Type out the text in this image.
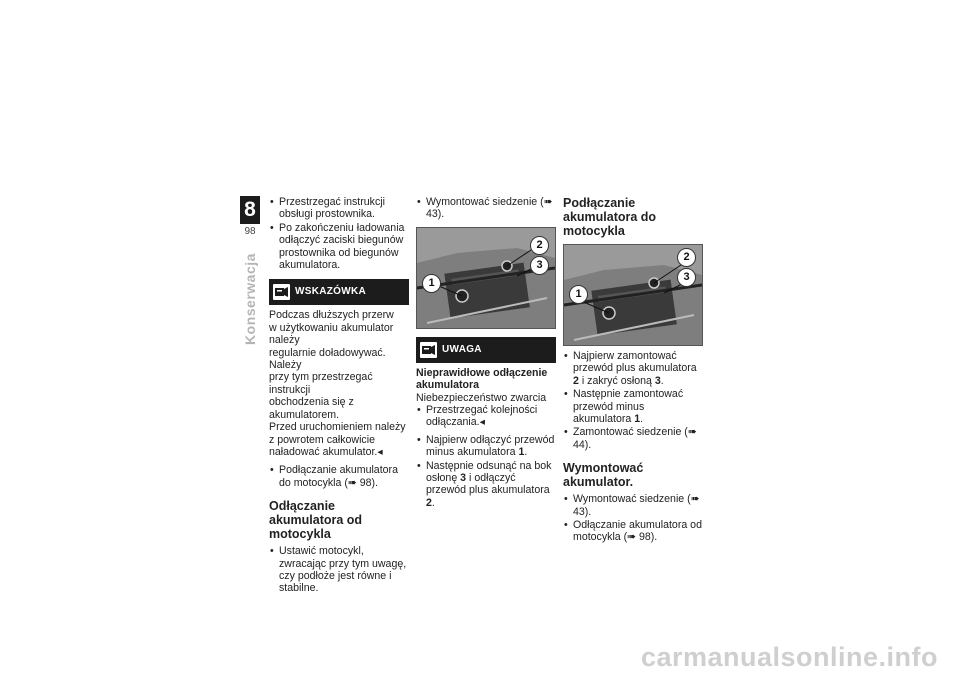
8
98
Konserwacja
• Przestrzegać instrukcji obsługi prostownika.
• Po zakończeniu ładowania odłączyć zaciski biegunów prostownika od biegunów akumulatora.
WSKAZÓWKA

Podczas dłuższych przerw

w użytkowaniu akumulator należy

regularnie doładowywać. Należy

przy tym przestrzegać instrukcji

obchodzenia się z akumulatorem.

Przed uruchomieniem należy

z powrotem całkowicie

naładować akumulator.◂

• Podłączanie akumulatora do motocykla (➠ 98).
Odłączanie akumulatora od motocykla
• Ustawić motocykl, zwracając przy tym uwagę, czy podłoże jest równe i stabilne.
• Wymontować siedzenie (➠ 43).
2
3
1
UWAGA

Nieprawidłowe odłączenie akumulatora

Niebezpieczeństwo zwarcia

• Przestrzegać kolejności odłączania.◂
• Najpierw odłączyć przewód minus akumulatora 1.
• Następnie odsunąć na bok osłonę 3 i odłączyć przewód plus akumulatora 2.
Podłączanie akumulatora do motocykla
2
3
1
• Najpierw zamontować przewód plus akumulatora 2 i zakryć osłoną 3.
• Następnie zamontować przewód minus akumulatora 1.
• Zamontować siedzenie (➠ 44).
Wymontować akumulator.
• Wymontować siedzenie (➠ 43).
• Odłączanie akumulatora od motocykla (➠ 98).
carmanualsonline.info
